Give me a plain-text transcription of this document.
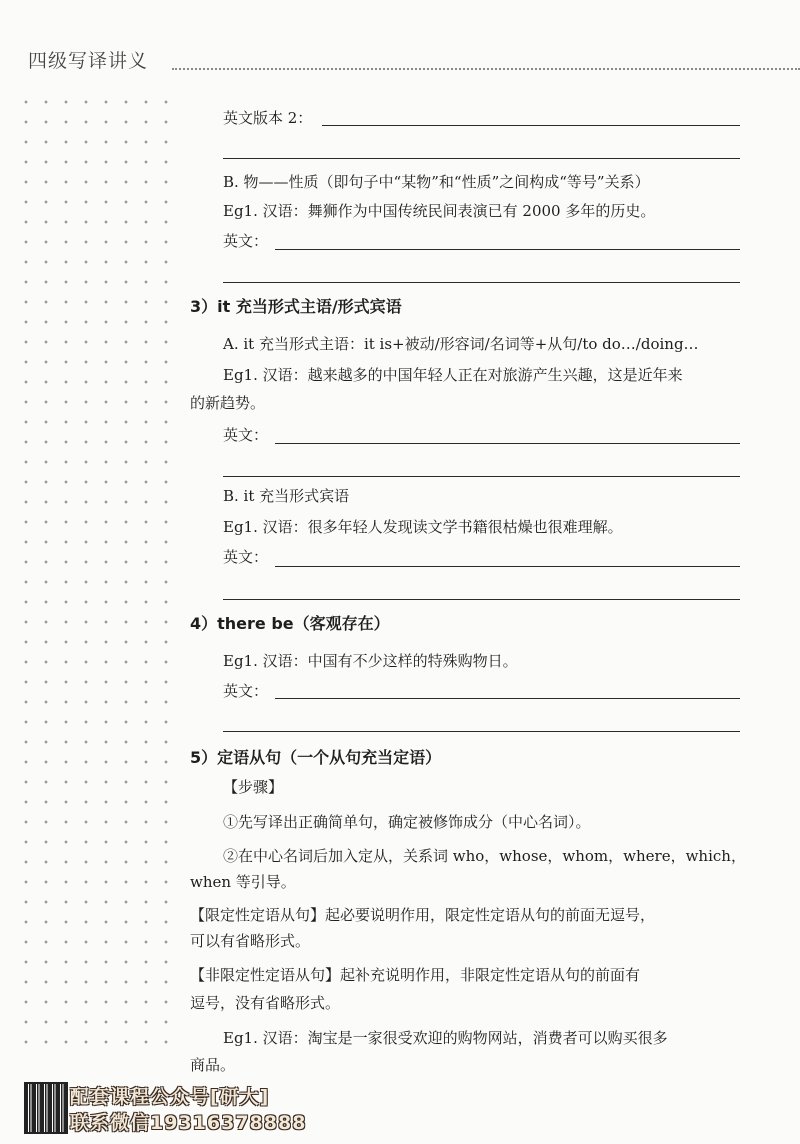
四级写译讲义
英文版本 2：
B. 物——性质（即句子中“某物”和“性质”之间构成“等号”关系）
Eg1. 汉语：舞狮作为中国传统民间表演已有 2000 多年的历史。
英文：
3）it 充当形式主语/形式宾语
A. it 充当形式主语：it is+被动/形容词/名词等+从句/to do…/doing…
Eg1. 汉语：越来越多的中国年轻人正在对旅游产生兴趣，这是近年来
的新趋势。
英文：
B. it 充当形式宾语
Eg1. 汉语：很多年轻人发现读文学书籍很枯燥也很难理解。
英文：
4）there be（客观存在）
Eg1. 汉语：中国有不少这样的特殊购物日。
英文：
5）定语从句（一个从句充当定语）
【步骤】
①先写译出正确简单句，确定被修饰成分（中心名词）。
②在中心名词后加入定从，关系词 who，whose，whom，where，which，
when 等引导。
【限定性定语从句】起必要说明作用，限定性定语从句的前面无逗号，
可以有省略形式。
【非限定性定语从句】起补充说明作用，非限定性定语从句的前面有
逗号，没有省略形式。
Eg1. 汉语：淘宝是一家很受欢迎的购物网站，消费者可以购买很多
商品。
配套课程公众号[研大]
联系微信19316378888
